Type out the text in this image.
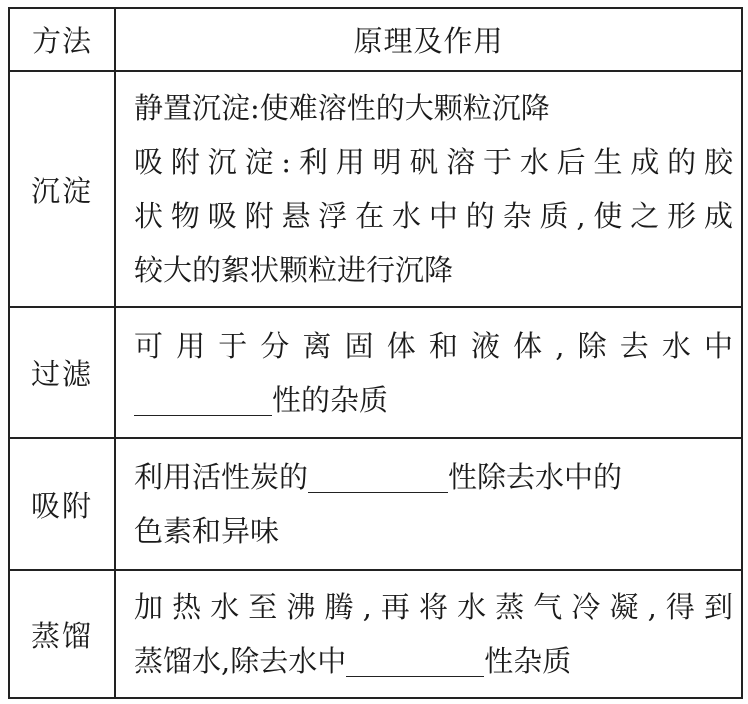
方法	原理及作用
沉淀	静置沉淀:使难溶性的大颗粒沉降
吸附沉淀:利用明矾溶于水后生成的胶
状物吸附悬浮在水中的杂质,使之形成
较大的絮状颗粒进行沉降

过滤	可用于分离固体和液体,除去水中
性的杂质

吸附	利用活性炭的 性除去水中的
色素和异味

蒸馏	加热水至沸腾,再将水蒸气冷凝,得到
蒸馏水,除去水中 性杂质
